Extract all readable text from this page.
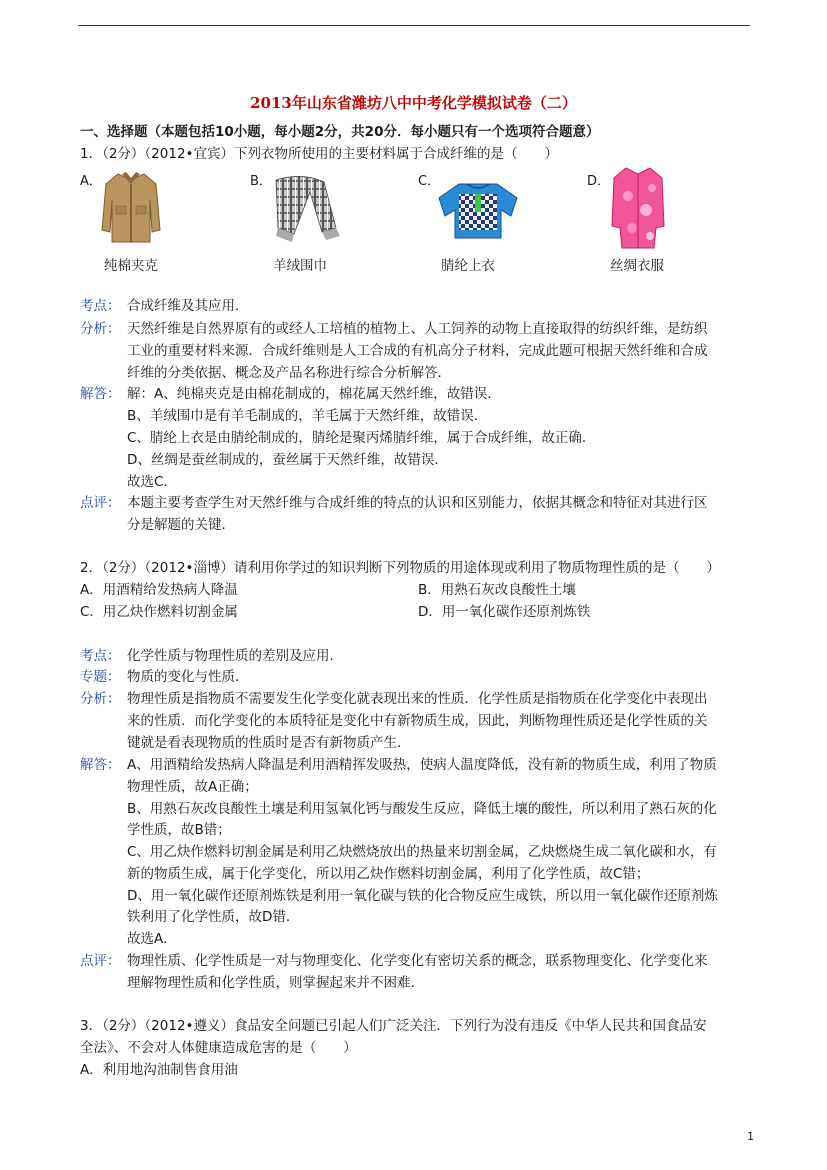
2013年山东省潍坊八中中考化学模拟试卷（二）
一、选择题（本题包括10小题，每小题2分，共20分．每小题只有一个选项符合题意）
1．（2分）（2012•宜宾）下列衣物所使用的主要材料属于合成纤维的是（　　）
A．	B．	C．	D．
纯棉夹克	羊绒围巾	腈纶上衣	丝绸衣服
考点： 合成纤维及其应用．
分析： 天然纤维是自然界原有的或经人工培植的植物上、人工饲养的动物上直接取得的纺织纤维，是纺织
工业的重要材料来源．合成纤维则是人工合成的有机高分子材料，完成此题可根据天然纤维和合成
纤维的分类依据、概念及产品名称进行综合分析解答．
解答： 解：A、纯棉夹克是由棉花制成的，棉花属天然纤维，故错误．
B、羊绒围巾是有羊毛制成的，羊毛属于天然纤维，故错误．
C、腈纶上衣是由腈纶制成的，腈纶是聚丙烯腈纤维，属于合成纤维，故正确．
D、丝绸是蚕丝制成的，蚕丝属于天然纤维，故错误．
故选C．
点评： 本题主要考查学生对天然纤维与合成纤维的特点的认识和区别能力，依据其概念和特征对其进行区
分是解题的关键．
2．（2分）（2012•淄博）请利用你学过的知识判断下列物质的用途体现或利用了物质物理性质的是（　　）
A．用酒精给发热病人降温	B．用熟石灰改良酸性土壤
C．用乙炔作燃料切割金属	D．用一氧化碳作还原剂炼铁
考点： 化学性质与物理性质的差别及应用．
专题： 物质的变化与性质．
分析： 物理性质是指物质不需要发生化学变化就表现出来的性质．化学性质是指物质在化学变化中表现出
来的性质．而化学变化的本质特征是变化中有新物质生成，因此，判断物理性质还是化学性质的关
键就是看表现物质的性质时是否有新物质产生．
解答： A、用酒精给发热病人降温是利用酒精挥发吸热，使病人温度降低，没有新的物质生成，利用了物质
物理性质，故A正确；
B、用熟石灰改良酸性土壤是利用氢氧化钙与酸发生反应，降低土壤的酸性，所以利用了熟石灰的化
学性质，故B错；
C、用乙炔作燃料切割金属是利用乙炔燃烧放出的热量来切割金属，乙炔燃烧生成二氧化碳和水，有
新的物质生成，属于化学变化，所以用乙炔作燃料切割金属，利用了化学性质，故C错；
D、用一氧化碳作还原剂炼铁是利用一氧化碳与铁的化合物反应生成铁，所以用一氧化碳作还原剂炼
铁利用了化学性质，故D错．
故选A．
点评： 物理性质、化学性质是一对与物理变化、化学变化有密切关系的概念，联系物理变化、化学变化来
理解物理性质和化学性质，则掌握起来并不困难．
3．（2分）（2012•遵义）食品安全问题已引起人们广泛关注．下列行为没有违反《中华人民共和国食品安
全法》、不会对人体健康造成危害的是（　　）
A．利用地沟油制售食用油
1
